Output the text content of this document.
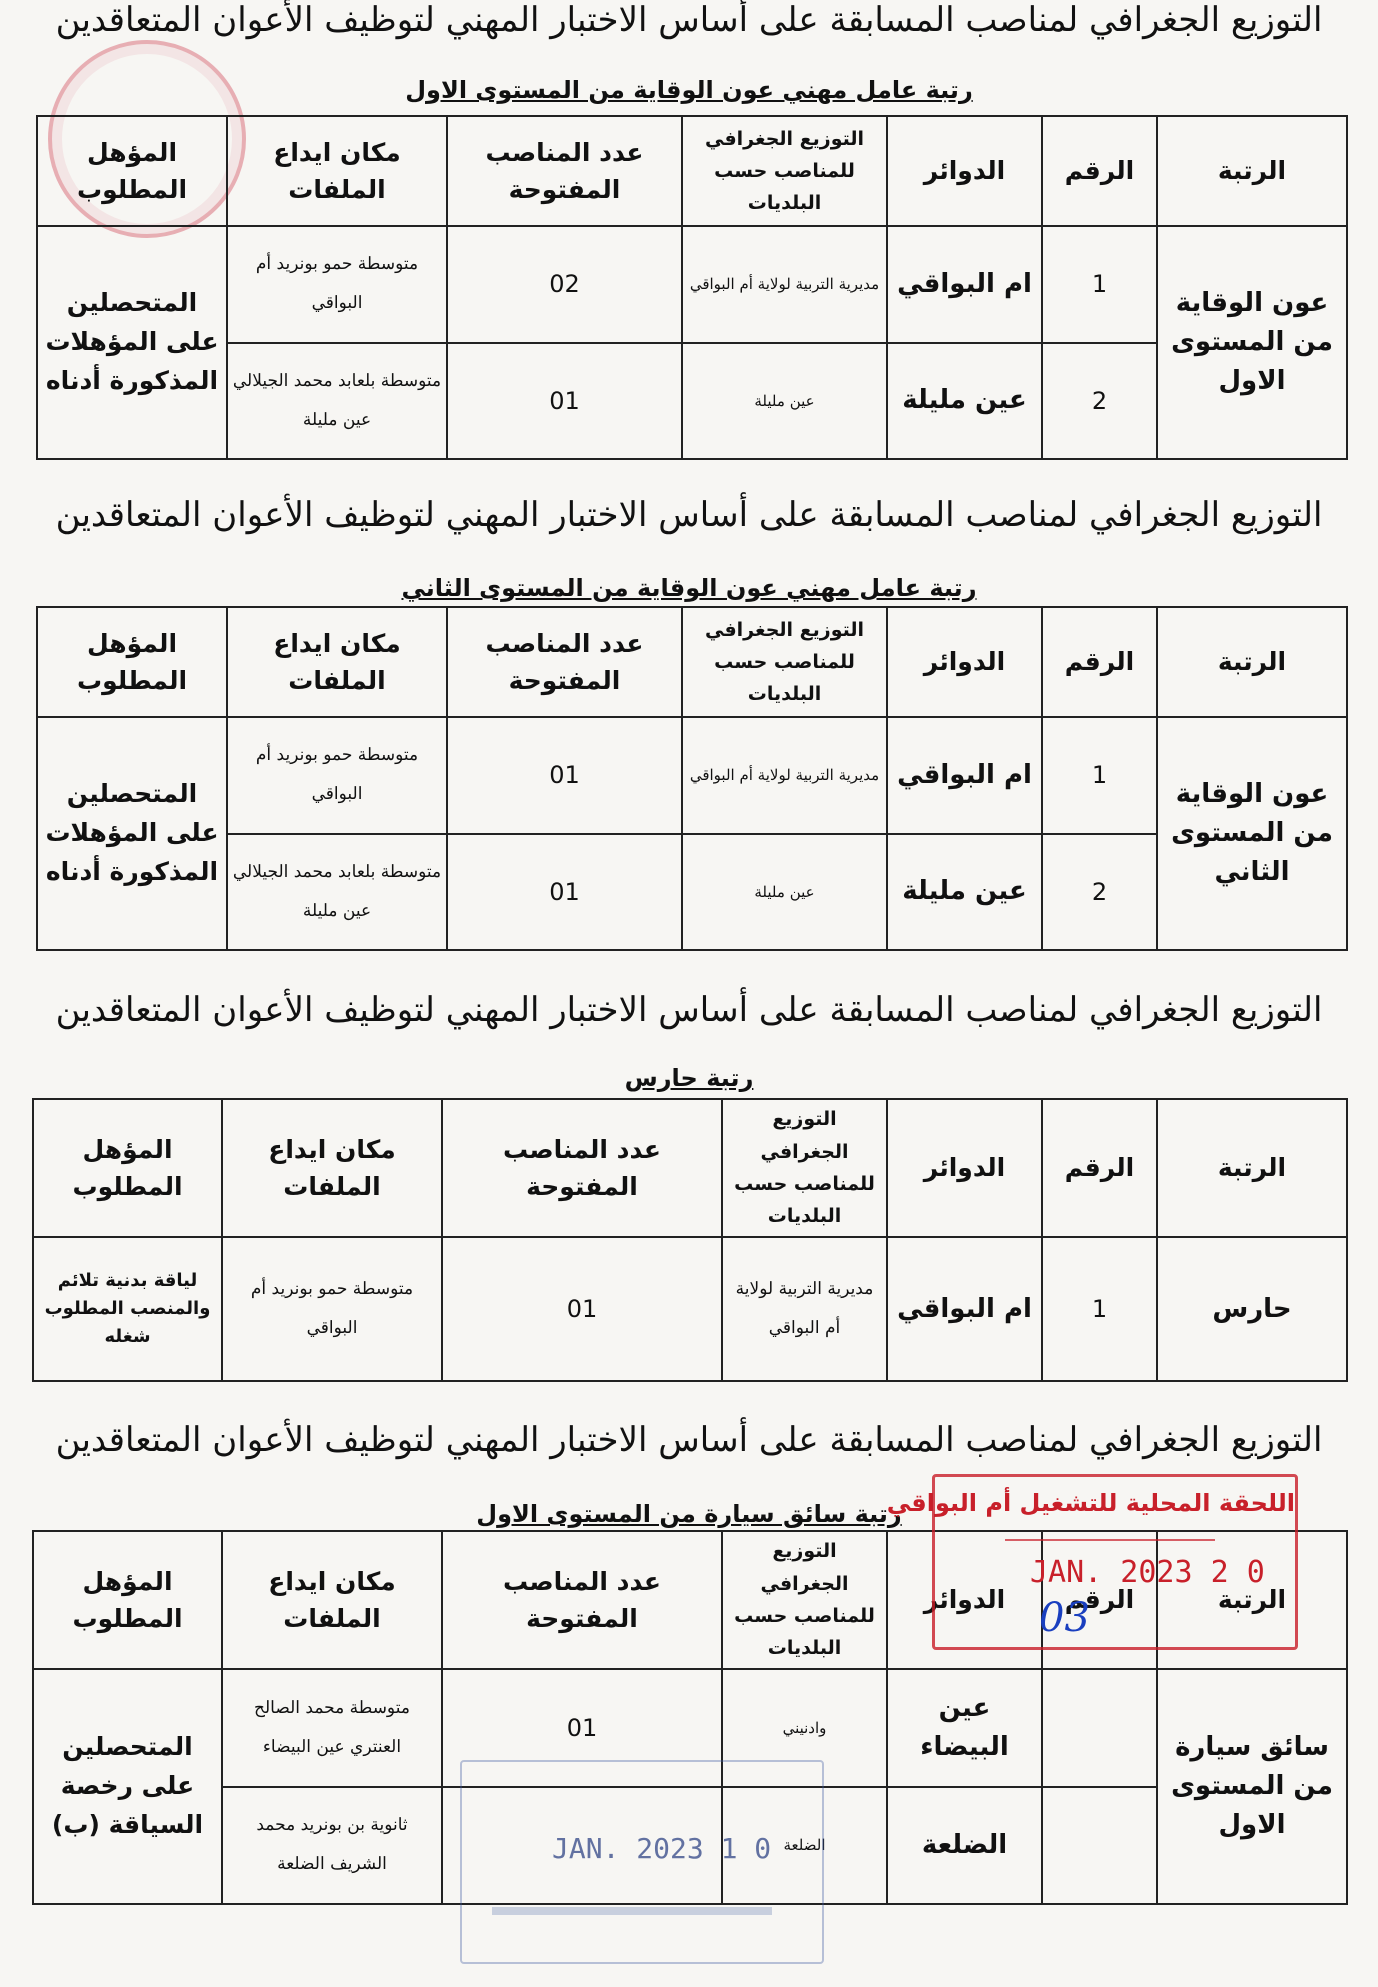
التوزيع الجغرافي لمناصب المسابقة على أساس الاختبار المهني لتوظيف الأعوان المتعاقدين
رتبة عامل مهني عون الوقاية من المستوى الاول
الرتبة	الرقم	الدوائر	التوزيع الجغرافي للمناصب حسب البلديات	عدد المناصب المفتوحة	مكان ايداع الملفات	المؤهل المطلوب
عون الوقاية من المستوى الاول	1	ام البواقي	مديرية التربية لولاية أم البواقي	02	متوسطة حمو بونريد أم البواقي	المتحصلين على المؤهلات المذكورة أدناه
	2	عين مليلة	عين مليلة	01	متوسطة بلعابد محمد الجيلالي عين مليلة	
التوزيع الجغرافي لمناصب المسابقة على أساس الاختبار المهني لتوظيف الأعوان المتعاقدين
رتبة عامل مهني عون الوقاية من المستوى الثاني
الرتبة	الرقم	الدوائر	التوزيع الجغرافي للمناصب حسب البلديات	عدد المناصب المفتوحة	مكان ايداع الملفات	المؤهل المطلوب
عون الوقاية من المستوى الثاني	1	ام البواقي	مديرية التربية لولاية أم البواقي	01	متوسطة حمو بونريد أم البواقي	المتحصلين على المؤهلات المذكورة أدناه
	2	عين مليلة	عين مليلة	01	متوسطة بلعابد محمد الجيلالي عين مليلة	
التوزيع الجغرافي لمناصب المسابقة على أساس الاختبار المهني لتوظيف الأعوان المتعاقدين
رتبة حارس
الرتبة	الرقم	الدوائر	التوزيع الجغرافي للمناصب حسب البلديات	عدد المناصب المفتوحة	مكان ايداع الملفات	المؤهل المطلوب
حارس	1	ام البواقي	مديرية التربية لولاية أم البواقي	01	متوسطة حمو بونريد أم البواقي	لياقة بدنية تلائم والمنصب المطلوب شغله
التوزيع الجغرافي لمناصب المسابقة على أساس الاختبار المهني لتوظيف الأعوان المتعاقدين
رتبة سائق سيارة من المستوى الاول
الرتبة	الرقم	الدوائر	التوزيع الجغرافي للمناصب حسب البلديات	عدد المناصب المفتوحة	مكان ايداع الملفات	المؤهل المطلوب
سائق سيارة من المستوى الاول		عين البيضاء	وادنيني	01	متوسطة محمد الصالح العنتري عين البيضاء	المتحصلين على رخصة السياقة (ب)
		الضلعة	الضلعة		ثانوية بن بونريد محمد الشريف الضلعة	
اللحقة المحلية للتشغيل أم البواقي
0 2 JAN. 2023
03
0 1 JAN. 2023
